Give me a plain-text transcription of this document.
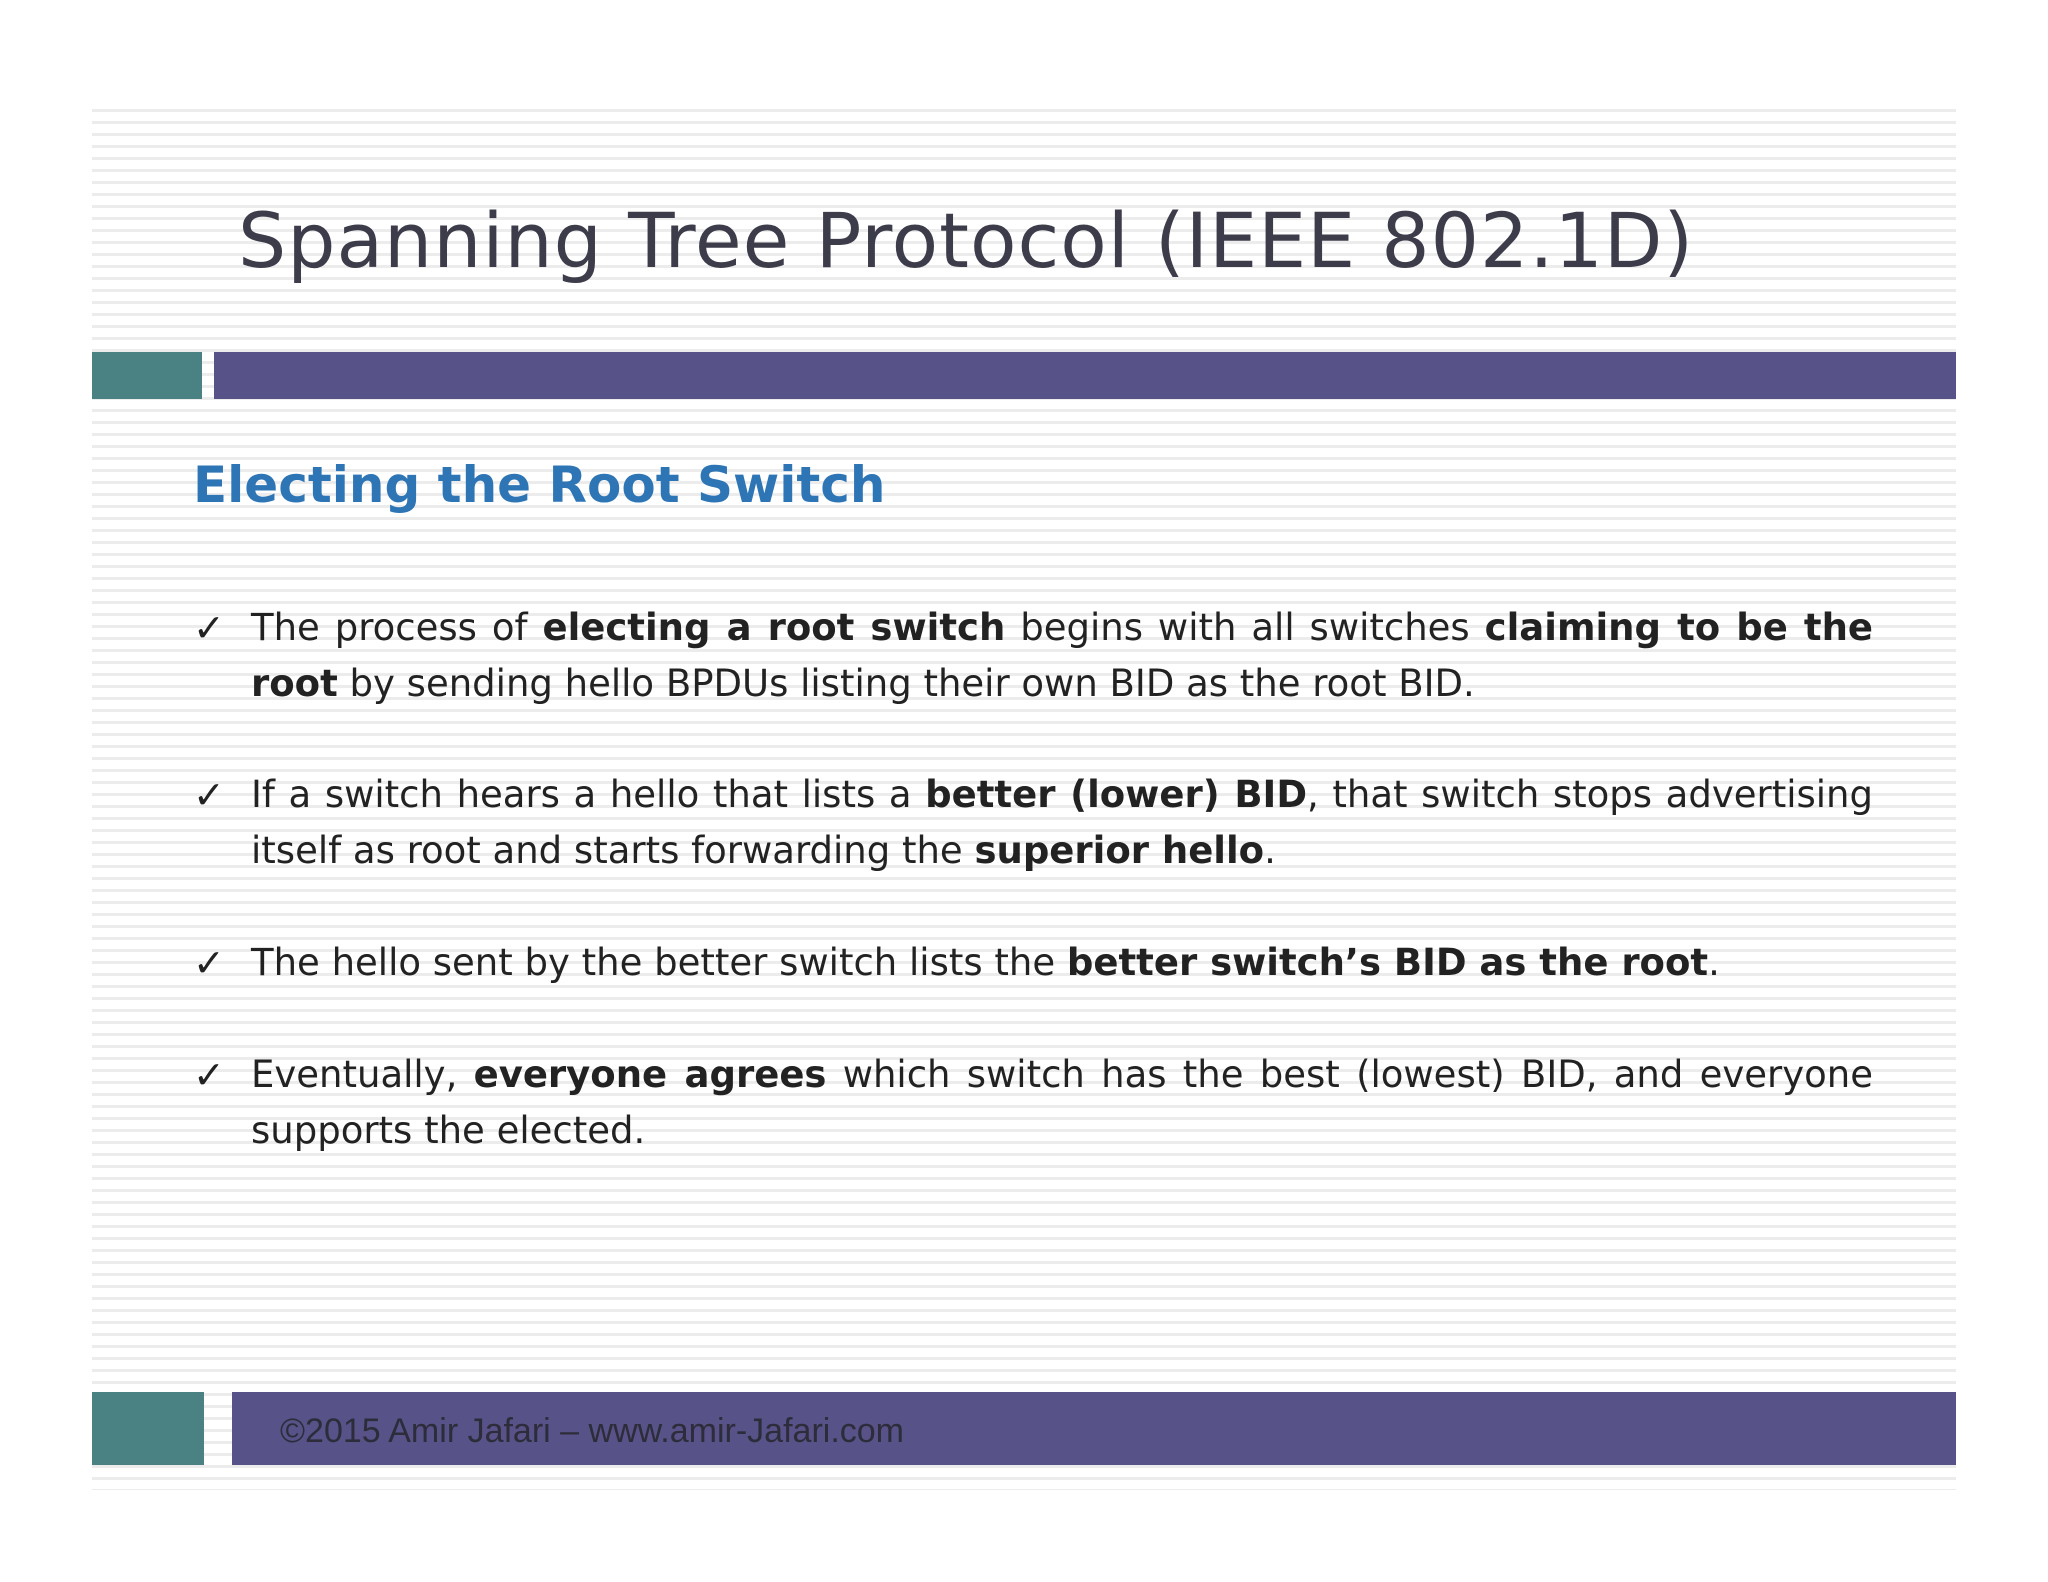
Spanning Tree Protocol (IEEE 802.1D)
Electing the Root Switch
✓ The process of electing a root switch begins with all switches claiming to be the root by sending hello BPDUs listing their own BID as the root BID.

✓ If a switch hears a hello that lists a better (lower) BID, that switch stops advertising itself as root and starts forwarding the superior hello.

✓ The hello sent by the better switch lists the better switch’s BID as the root.

✓ Eventually, everyone agrees which switch has the best (lowest) BID, and everyone supports the elected.

©2015 Amir Jafari – www.amir-Jafari.com
